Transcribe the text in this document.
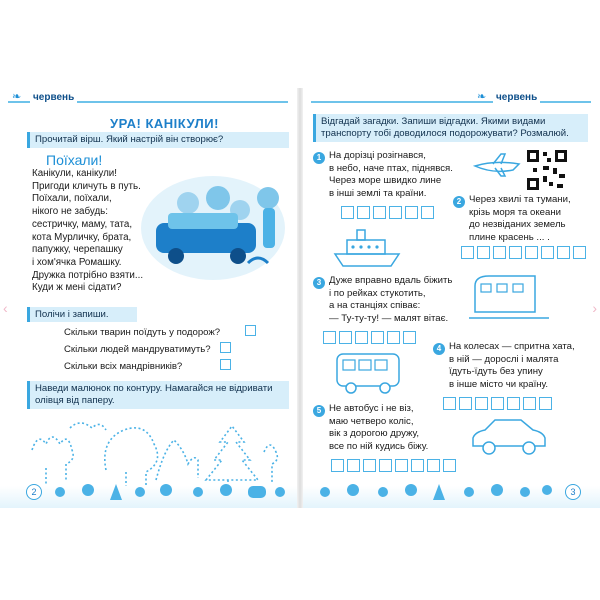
‹	›
❧	червень
УРА! КАНІКУЛИ!
Прочитай вірш. Який настрій він створює?
Поїхали!
Канікули, канікули!
Пригоди кличуть в путь.
Поїхали, поїхали,
нікого не забудь:
сестричку, маму, тата,
кота Мурличку, брата,
папужку, черепашку
і хом'ячка Ромашку.
Дружка потрібно взяти...
Куди ж мені сідати?
Полічи і запиши.
Скільки тварин поїдуть у подорож?
Скільки людей мандруватимуть?
Скільки всіх мандрівників?
Наведи малюнок по контуру. Намагайся не відривати олівця від паперу.
2
❧ червень
Відгадай загадки. Запиши відгадки. Якими видами транспорту тобі доводилося подорожувати? Розмалюй.
1 На дорізці розігнався,
в небо, наче птах, піднявся.
Через море швидко лине
в інші землі та країни.
2 Через хвилі та тумани,
крізь моря та океани
до незвіданих земель
плине красень ... .
3 Дуже вправно вдаль біжить
і по рейках стукотить,
а на станціях співає:
— Ту-ту-ту! — малят вітає.
4 На колесах — спритна хата,
в ній — дорослі і малята
їдуть-їдуть без упину
в інше місто чи країну.
5 Не автобус і не віз,
маю четверо коліс,
вік з дорогою дружу,
все по ній кудись біжу.
3
